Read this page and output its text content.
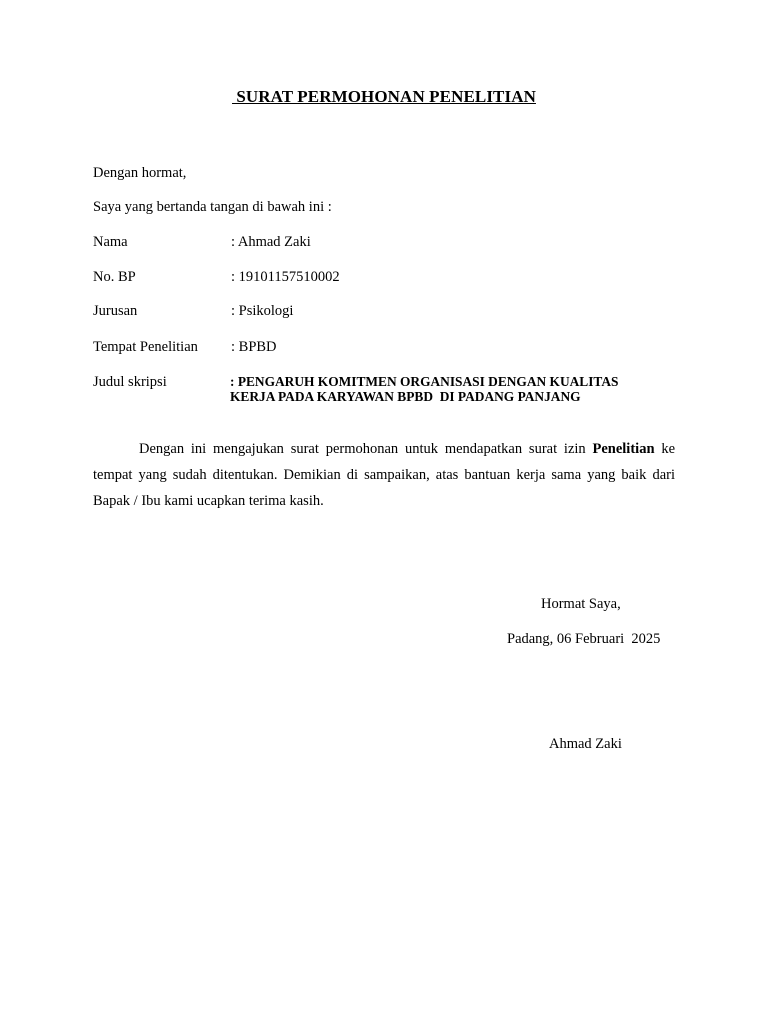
SURAT PERMOHONAN PENELITIAN
Dengan hormat,
Saya yang bertanda tangan di bawah ini :
Nama	: Ahmad Zaki
No. BP	: 19101157510002
Jurusan	: Psikologi
Tempat Penelitian : BPBD
Judul skripsi	: PENGARUH KOMITMEN ORGANISASI DENGAN KUALITAS
KERJA PADA KARYAWAN BPBD  DI PADANG PANJANG
Dengan ini mengajukan surat permohonan untuk mendapatkan surat izin Penelitian ke tempat yang sudah ditentukan. Demikian di sampaikan, atas bantuan kerja sama yang baik dari Bapak / Ibu kami ucapkan terima kasih.
Hormat Saya,
Padang, 06 Februari  2025
Ahmad Zaki
